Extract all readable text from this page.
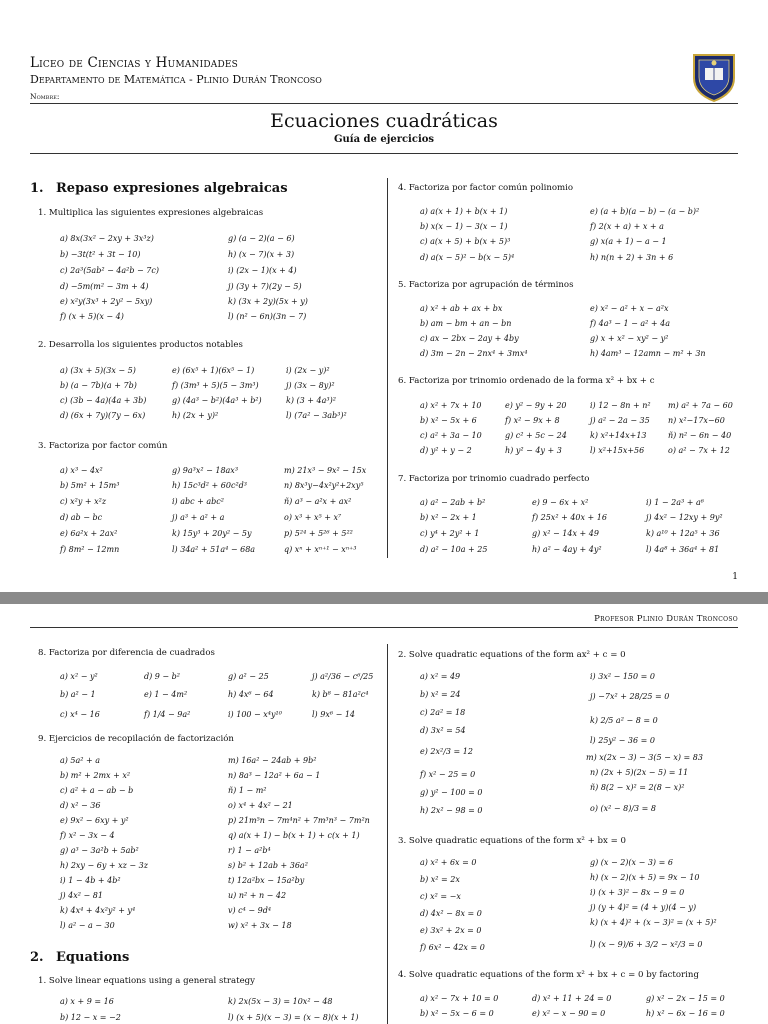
Liceo de Ciencias y Humanidades
Departamento de Matemática - Plinio Durán Troncoso
Nombre:
Ecuaciones cuadráticas
Guía de ejercicios
1. Repaso expresiones algebraicas
1. Multiplica las siguientes expresiones algebraicas
a) 8x(3x² − 2xy + 3x³z)
b) −3t(t² + 3t − 10)
c) 2a³(5ab² − 4a²b − 7c)
d) −5m(m² − 3m + 4)
e) x²y(3x³ + 2y² − 5xy)
f) (x + 5)(x − 4)
g) (a − 2)(a − 6)
h) (x − 7)(x + 3)
i) (2x − 1)(x + 4)
j) (3y + 7)(2y − 5)
k) (3x + 2y)(5x + y)
l) (n² − 6n)(3n − 7)
2. Desarrolla los siguientes productos notables
a) (3x + 5)(3x − 5)
b) (a − 7b)(a + 7b)
c) (3b − 4a)(4a + 3b)
d) (6x + 7y)(7y − 6x)
e) (6x⁵ + 1)(6x⁵ − 1)
f) (3m³ + 5)(5 − 3m³)
g) (4a³ − b²)(4a³ + b²)
h) (2x + y)²
i) (2x − y)²
j) (3x − 8y)²
k) (3 + 4a³)²
l) (7a² − 3ab³)²
3. Factoriza por factor común
a) x³ − 4x²
b) 5m² + 15m³
c) x²y + x²z
d) ab − bc
e) 6a²x + 2ax²
f) 8m² − 12mn
g) 9a³x² − 18ax³
h) 15c³d² + 60c²d³
i) abc + abc²
j) a³ + a² + a
k) 15y³ + 20y² − 5y
l) 34a² + 51a⁴ − 68a
m) 21x³ − 9x² − 15x
n) 8x³y−4x²y²+2xy⁵
ñ) a³ − a²x + ax²
o) x³ + x⁵ + x⁷
p) 5²⁴ + 5²⁶ + 5²²
q) xⁿ + xⁿ⁺¹ − xⁿ⁺³
4. Factoriza por factor común polinomio
a) a(x + 1) + b(x + 1)
b) x(x − 1) − 3(x − 1)
c) a(x + 5) + b(x + 5)³
d) a(x − 5)² − b(x − 5)⁴
e) (a + b)(a − b) − (a − b)²
f) 2(x + a) + x + a
g) x(a + 1) − a − 1
h) n(n + 2) + 3n + 6
5. Factoriza por agrupación de términos
a) x² + ab + ax + bx
b) am − bm + an − bn
c) ax − 2bx − 2ay + 4by
d) 3m − 2n − 2nx⁴ + 3mx⁴
e) x² − a² + x − a²x
f) 4a³ − 1 − a² + 4a
g) x + x² − xy² − y²
h) 4am³ − 12amn − m² + 3n
6. Factoriza por trinomio ordenado de la forma x² + bx + c
a) x² + 7x + 10
b) x² − 5x + 6
c) a² + 3a − 10
d) y² + y − 2
e) y² − 9y + 20
f) x² − 9x + 8
g) c² + 5c − 24
h) y² − 4y + 3
i) 12 − 8n + n²
j) a² − 2a − 35
k) x²+14x+13
l) x²+15x+56
m) a² + 7a − 60
n) x²−17x−60
ñ) n² − 6n − 40
o) a² − 7x + 12
7. Factoriza por trinomio cuadrado perfecto
a) a² − 2ab + b²
b) x² − 2x + 1
c) y⁴ + 2y² + 1
d) a² − 10a + 25
e) 9 − 6x + x²
f) 25x² + 40x + 16
g) x² − 14x + 49
h) a² − 4ay + 4y²
i) 1 − 2a³ + a⁶
j) 4x² − 12xy + 9y²
k) a¹⁰ + 12a⁵ + 36
l) 4a⁸ + 36a⁴ + 81
1
Profesor Plinio Durán Troncoso
8. Factoriza por diferencia de cuadrados
a) x² − y²
b) a² − 1
c) x⁴ − 16
d) 9 − b²
e) 1 − 4m²
f) 1/4 − 9a²
g) a² − 25
h) 4x⁶ − 64
i) 100 − x⁴y¹⁰
j) a²/36 − c⁶/25
k) b⁸ − 81a²c⁴
l) 9x⁶ − 14
9. Ejercicios de recopilación de factorización
a) 5a² + a
b) m² + 2mx + x²
c) a² + a − ab − b
d) x² − 36
e) 9x² − 6xy + y²
f) x² − 3x − 4
g) a³ − 3a²b + 5ab²
h) 2xy − 6y + xz − 3z
i) 1 − 4b + 4b²
j) 4x² − 81
k) 4x⁴ + 4x²y² + y⁴
l) a² − a − 30
m) 16a² − 24ab + 9b²
n) 8a³ − 12a² + 6a − 1
ñ) 1 − m²
o) x⁴ + 4x² − 21
p) 21m⁵n − 7m⁴n² + 7m³n³ − 7m²n
q) a(x + 1) − b(x + 1) + c(x + 1)
r) 1 − a²b⁴
s) b² + 12ab + 36a²
t) 12a²bx − 15a²by
u) n² + n − 42
v) c⁴ − 9d⁴
w) x² + 3x − 18
2. Equations
1. Solve linear equations using a general strategy
a) x + 9 = 16
b) 12 − x = −2
k) 2x(5x − 3) = 10x² − 48
l) (x + 5)(x − 3) = (x − 8)(x + 1)
2. Solve quadratic equations of the form ax² + c = 0
a) x² = 49
b) x² = 24
c) 2a² = 18
d) 3x² = 54
e) 2x²/3 = 12
f) x² − 25 = 0
g) y² − 100 = 0
h) 2x² − 98 = 0
i) 3x² − 150 = 0
j) −7x² + 28/25 = 0
k) 2/5 a² − 8 = 0
l) 25y² − 36 = 0
m) x(2x − 3) − 3(5 − x) = 83
n) (2x + 5)(2x − 5) = 11
ñ) 8(2 − x)² = 2(8 − x)²
o) (x² − 8)/3 = 8
3. Solve quadratic equations of the form x² + bx = 0
a) x² + 6x = 0
b) x² = 2x
c) x² = −x
d) 4x² − 8x = 0
e) 3x² + 2x = 0
f) 6x² − 42x = 0
g) (x − 2)(x − 3) = 6
h) (x − 2)(x + 5) = 9x − 10
i) (x + 3)² − 8x − 9 = 0
j) (y + 4)² = (4 + y)(4 − y)
k) (x + 4)² + (x − 3)² = (x + 5)²
l) (x − 9)/6 + 3/2 − x²/3 = 0
4. Solve quadratic equations of the form x² + bx + c = 0 by factoring
a) x² − 7x + 10 = 0
b) x² − 5x − 6 = 0
d) x² + 11 + 24 = 0
e) x² − x − 90 = 0
g) x² − 2x − 15 = 0
h) x² − 6x − 16 = 0
